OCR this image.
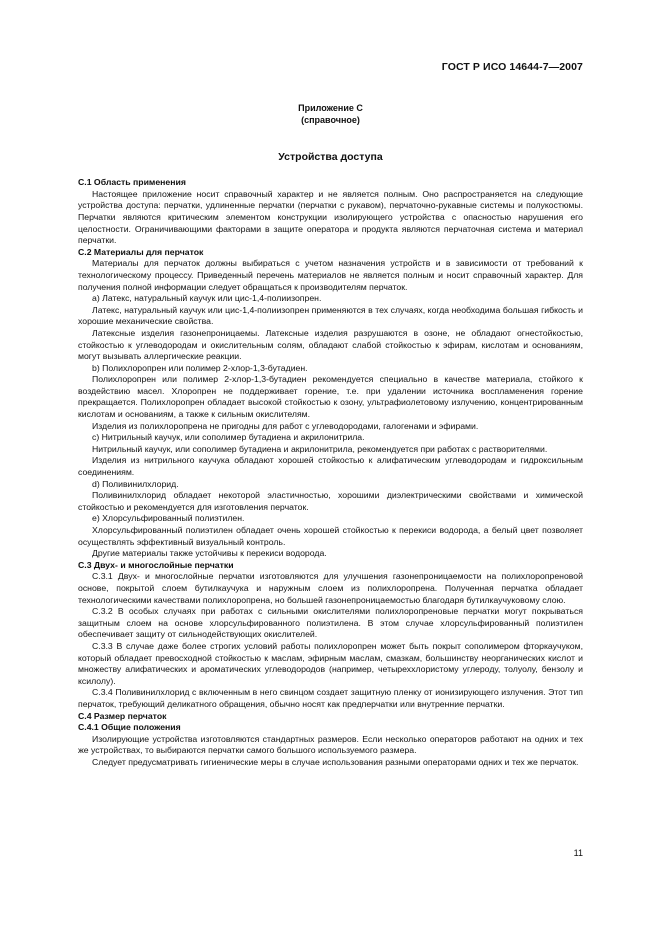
ГОСТ Р ИСО 14644-7—2007
Приложение С
(справочное)
Устройства доступа
С.1 Область применения

Настоящее приложение носит справочный характер и не является полным. Оно распространяется на следующие устройства доступа: перчатки, удлиненные перчатки (перчатки с рукавом), перчаточно-рукавные системы и полукостюмы. Перчатки являются критическим элементом конструкции изолирующего устройства с опасностью нарушения его целостности. Ограничивающими факторами в защите оператора и продукта являются перчаточная система и материал перчатки.

С.2 Материалы для перчаток

Материалы для перчаток должны выбираться с учетом назначения устройств и в зависимости от требований к технологическому процессу. Приведенный перечень материалов не является полным и носит справочный характер. Для получения полной информации следует обращаться к производителям перчаток.

а) Латекс, натуральный каучук или цис-1,4-полиизопрен.

Латекс, натуральный каучук или цис-1,4-полиизопрен применяются в тех случаях, когда необходима большая гибкость и хорошие механические свойства.

Латексные изделия газонепроницаемы. Латексные изделия разрушаются в озоне, не обладают огнестойкостью, стойкостью к углеводородам и окислительным солям, обладают слабой стойкостью к эфирам, кислотам и основаниям, могут вызывать аллергические реакции.

b) Полихлоропрен или полимер 2-хлор-1,3-бутадиен.

Полихлоропрен или полимер 2-хлор-1,3-бутадиен рекомендуется специально в качестве материала, стойкого к воздействию масел. Хлоропрен не поддерживает горение, т.е. при удалении источника воспламенения горение прекращается. Полихлоропрен обладает высокой стойкостью к озону, ультрафиолетовому излучению, концентрированным кислотам и основаниям, а также к сильным окислителям.

Изделия из полихлоропрена не пригодны для работ с углеводородами, галогенами и эфирами.

c) Нитрильный каучук, или сополимер бутадиена и акрилонитрила.

Нитрильный каучук, или сополимер бутадиена и акрилонитрила, рекомендуется при работах с растворителями.

Изделия из нитрильного каучука обладают хорошей стойкостью к алифатическим углеводородам и гидроксильным соединениям.

d) Поливинилхлорид.

Поливинилхлорид обладает некоторой эластичностью, хорошими диэлектрическими свойствами и химической стойкостью и рекомендуется для изготовления перчаток.

e) Хлорсульфированный полиэтилен.

Хлорсульфированный полиэтилен обладает очень хорошей стойкостью к перекиси водорода, а белый цвет позволяет осуществлять эффективный визуальный контроль.

Другие материалы также устойчивы к перекиси водорода.

С.3 Двух- и многослойные перчатки

С.3.1 Двух- и многослойные перчатки изготовляются для улучшения газонепроницаемости на полихлоропреновой основе, покрытой слоем бутилкаучука и наружным слоем из полихлоропрена. Полученная перчатка обладает технологическими качествами полихлоропрена, но большей газонепроницаемостью благодаря бутилкаучуковому слою.

С.3.2 В особых случаях при работах с сильными окислителями полихлоропреновые перчатки могут покрываться защитным слоем на основе хлорсульфированного полиэтилена. В этом случае хлорсульфированный полиэтилен обеспечивает защиту от сильнодействующих окислителей.

С.3.3 В случае даже более строгих условий работы полихлоропрен может быть покрыт сополимером фторкаучуком, который обладает превосходной стойкостью к маслам, эфирным маслам, смазкам, большинству неорганических кислот и множеству алифатических и ароматических углеводородов (например, четыреххлористому углероду, толуолу, бензолу и ксилолу).

С.3.4 Поливинилхлорид с включенным в него свинцом создает защитную пленку от ионизирующего излучения. Этот тип перчаток, требующий деликатного обращения, обычно носят как предперчатки или внутренние перчатки.

С.4 Размер перчаток
С.4.1 Общие положения

Изолирующие устройства изготовляются стандартных размеров. Если несколько операторов работают на одних и тех же устройствах, то выбираются перчатки самого большого используемого размера.

Следует предусматривать гигиенические меры в случае использования разными операторами одних и тех же перчаток.

11
